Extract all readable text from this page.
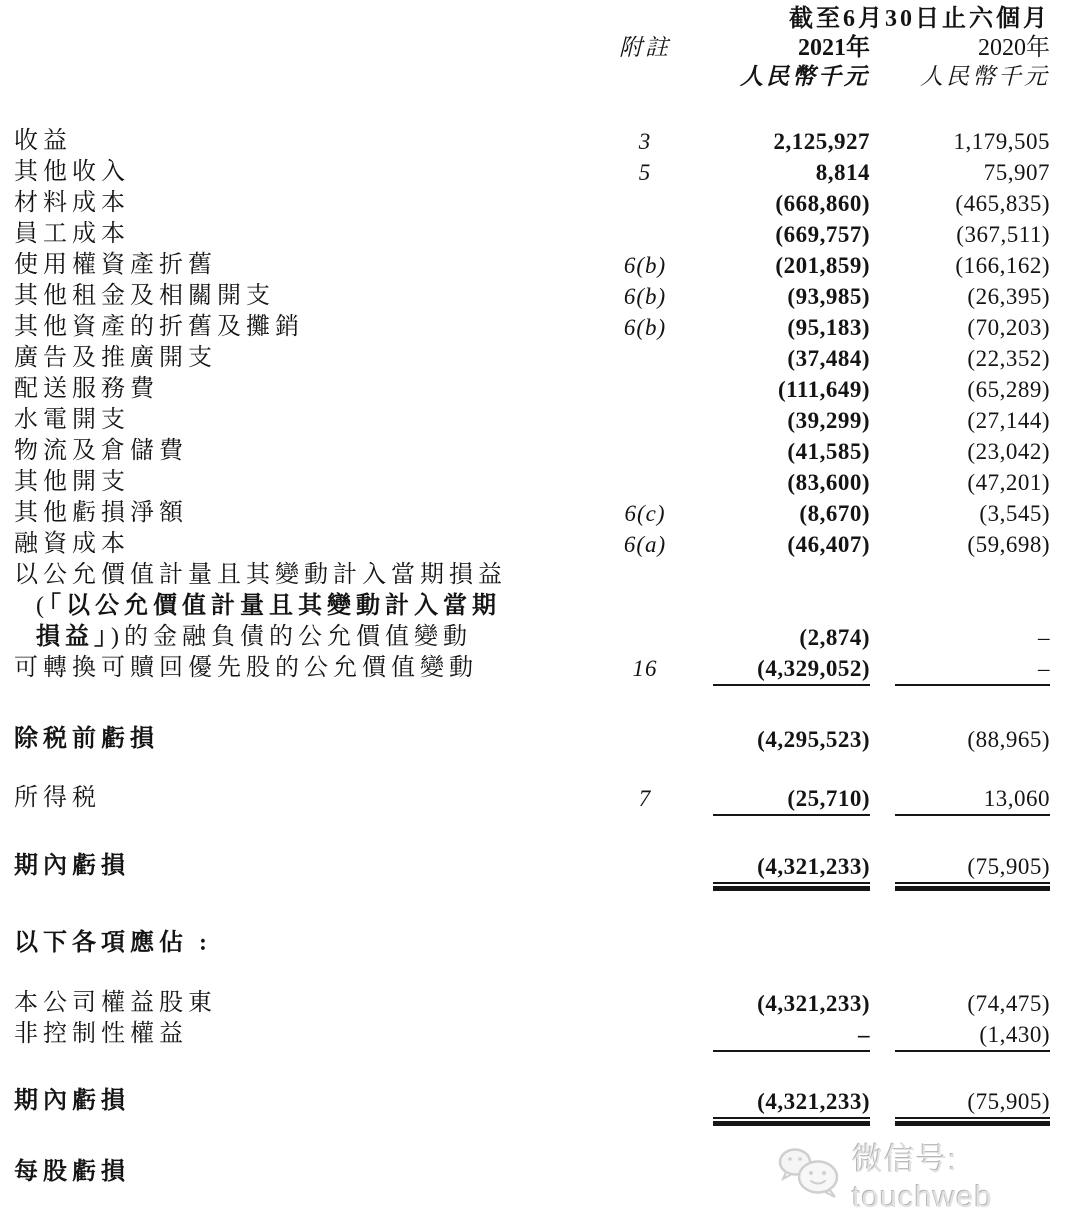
截至6月30日止六個月
附註	2021年	2020年
人民幣千元	人民幣千元
收益	3	2,125,927	1,179,505
其他收入	5	8,814	75,907
材料成本	(668,860)	(465,835)
員工成本	(669,757)	(367,511)
使用權資產折舊	6(b)	(201,859)	(166,162)
其他租金及相關開支	6(b)	(93,985)	(26,395)
其他資產的折舊及攤銷	6(b)	(95,183)	(70,203)
廣告及推廣開支	(37,484)	(22,352)
配送服務費	(111,649)	(65,289)
水電開支	(39,299)	(27,144)
物流及倉儲費	(41,585)	(23,042)
其他開支	(83,600)	(47,201)
其他虧損淨額	6(c)	(8,670)	(3,545)
融資成本	6(a)	(46,407)	(59,698)
以公允價值計量且其變動計入當期損益
(「以公允價值計量且其變動計入當期
損益」)的金融負債的公允價值變動	(2,874)	–
可轉換可贖回優先股的公允價值變動	16	(4,329,052)	–
除税前虧損	(4,295,523)	(88,965)
所得税	7	(25,710)	13,060
期內虧損	(4,321,233)	(75,905)
以下各項應佔 :
本公司權益股東	(4,321,233)	(74,475)
非控制性權益	–	(1,430)
期內虧損	(4,321,233)	(75,905)
每股虧損	微信号: touchweb
